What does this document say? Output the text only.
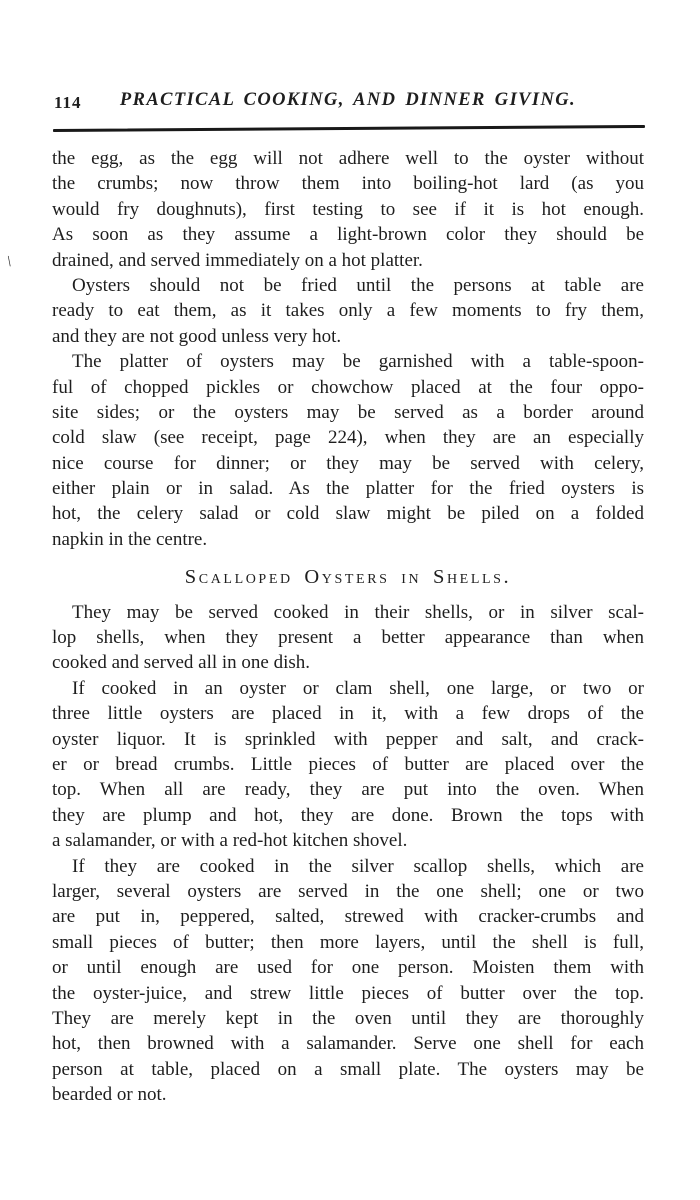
114	PRACTICAL COOKING, AND DINNER GIVING.
\
the egg, as the egg will not adhere well to the oyster without
the crumbs; now throw them into boiling-hot lard (as you
would fry doughnuts), first testing to see if it is hot enough.
As soon as they assume a light-brown color they should be
drained, and served immediately on a hot platter.
Oysters should not be fried until the persons at table are
ready to eat them, as it takes only a few moments to fry them,
and they are not good unless very hot.
The platter of oysters may be garnished with a table-spoon-
ful of chopped pickles or chowchow placed at the four oppo-
site sides; or the oysters may be served as a border around
cold slaw (see receipt, page 224), when they are an especially
nice course for dinner; or they may be served with celery,
either plain or in salad. As the platter for the fried oysters is
hot, the celery salad or cold slaw might be piled on a folded
napkin in the centre.
Scalloped Oysters in Shells.
They may be served cooked in their shells, or in silver scal-
lop shells, when they present a better appearance than when
cooked and served all in one dish.
If cooked in an oyster or clam shell, one large, or two or
three little oysters are placed in it, with a few drops of the
oyster liquor. It is sprinkled with pepper and salt, and crack-
er or bread crumbs. Little pieces of butter are placed over the
top. When all are ready, they are put into the oven. When
they are plump and hot, they are done. Brown the tops with
a salamander, or with a red-hot kitchen shovel.
If they are cooked in the silver scallop shells, which are
larger, several oysters are served in the one shell; one or two
are put in, peppered, salted, strewed with cracker-crumbs and
small pieces of butter; then more layers, until the shell is full,
or until enough are used for one person. Moisten them with
the oyster-juice, and strew little pieces of butter over the top.
They are merely kept in the oven until they are thoroughly
hot, then browned with a salamander. Serve one shell for each
person at table, placed on a small plate. The oysters may be
bearded or not.
